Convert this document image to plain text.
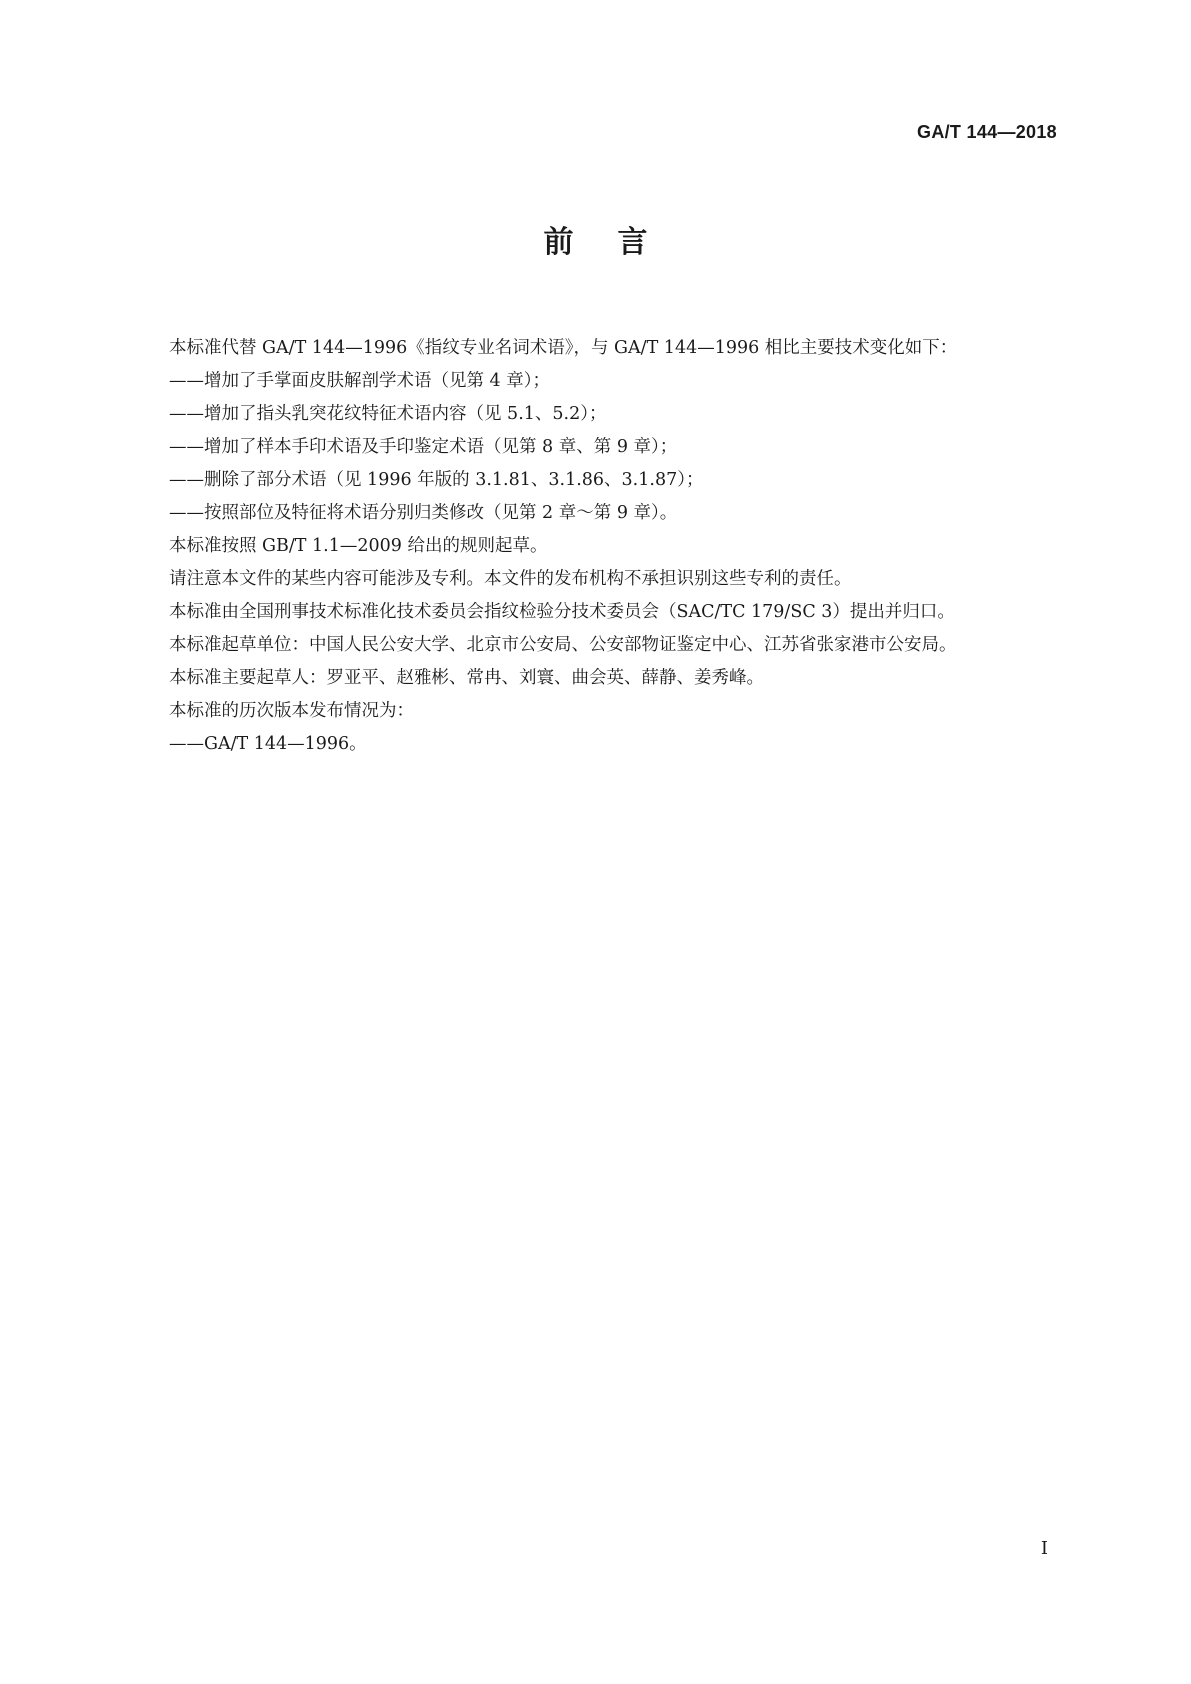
GA/T 144—2018
前言

本标准代替 GA/T 144—1996《指纹专业名词术语》，与 GA/T 144—1996 相比主要技术变化如下：

——增加了手掌面皮肤解剖学术语（见第 4 章）；

——增加了指头乳突花纹特征术语内容（见 5.1、5.2）；

——增加了样本手印术语及手印鉴定术语（见第 8 章、第 9 章）；

——删除了部分术语（见 1996 年版的 3.1.81、3.1.86、3.1.87）；

——按照部位及特征将术语分别归类修改（见第 2 章～第 9 章）。

本标准按照 GB/T 1.1—2009 给出的规则起草。

请注意本文件的某些内容可能涉及专利。本文件的发布机构不承担识别这些专利的责任。

本标准由全国刑事技术标准化技术委员会指纹检验分技术委员会（SAC/TC 179/SC 3）提出并归口。

本标准起草单位：中国人民公安大学、北京市公安局、公安部物证鉴定中心、江苏省张家港市公安局。

本标准主要起草人：罗亚平、赵雅彬、常冉、刘寰、曲会英、薛静、姜秀峰。

本标准的历次版本发布情况为：

——GA/T 144—1996。

I
